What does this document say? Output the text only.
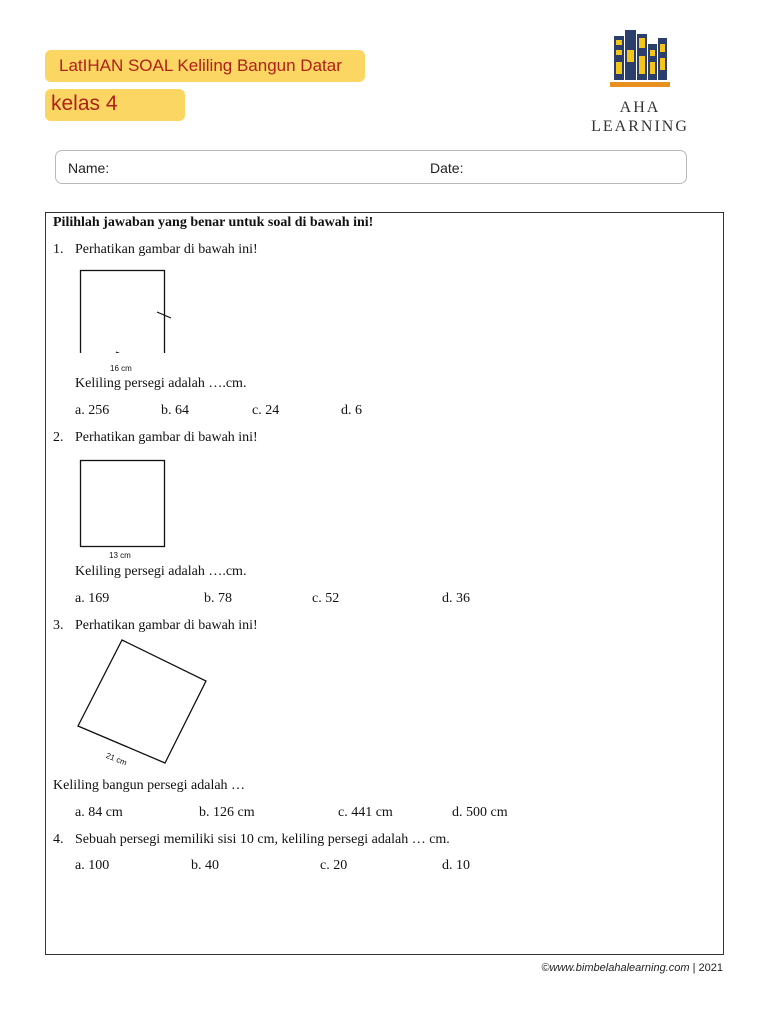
LatIHAN SOAL Keliling Bangun Datar
kelas 4	AHA
LEARNING
Name:	Date:
Pilihlah jawaban yang benar untuk soal di bawah ini!
1. Perhatikan gambar di bawah ini!
16 cm
Keliling persegi adalah ….cm.
a. 256	b. 64	c. 24	d. 6
2. Perhatikan gambar di bawah ini!
13 cm
Keliling persegi adalah ….cm.
a. 169	b. 78	c. 52	d. 36
3. Perhatikan gambar di bawah ini!
21 cm
Keliling bangun persegi adalah …
a. 84 cm	b. 126 cm	c. 441 cm	d. 500 cm
4. Sebuah persegi memiliki sisi 10 cm, keliling persegi adalah … cm.
a. 100	b. 40	c. 20	d. 10
©www.bimbelahalearning.com | 2021
